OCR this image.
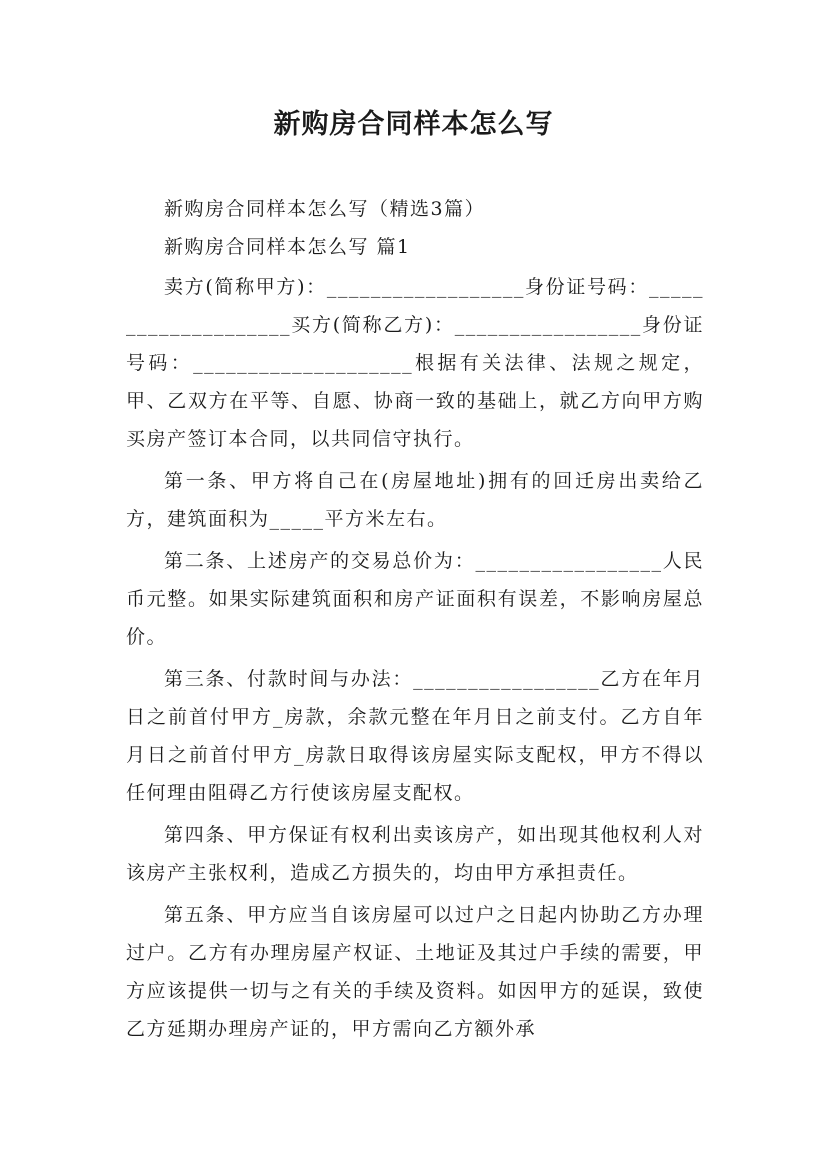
新购房合同样本怎么写

新购房合同样本怎么写（精选3篇）

新购房合同样本怎么写 篇1

卖方(简称甲方)：__________________身份证号码：____________________买方(简称乙方)：_________________身份证号码：____________________根据有关法律、法规之规定，甲、乙双方在平等、自愿、协商一致的基础上，就乙方向甲方购买房产签订本合同，以共同信守执行。

第一条、甲方将自己在(房屋地址)拥有的回迁房出卖给乙方，建筑面积为_____平方米左右。

第二条、上述房产的交易总价为：_________________人民币元整。如果实际建筑面积和房产证面积有误差，不影响房屋总价。

第三条、付款时间与办法：_________________乙方在年月日之前首付甲方_房款，余款元整在年月日之前支付。乙方自年月日之前首付甲方_房款日取得该房屋实际支配权，甲方不得以任何理由阻碍乙方行使该房屋支配权。

第四条、甲方保证有权利出卖该房产，如出现其他权利人对该房产主张权利，造成乙方损失的，均由甲方承担责任。

第五条、甲方应当自该房屋可以过户之日起内协助乙方办理过户。乙方有办理房屋产权证、土地证及其过户手续的需要，甲方应该提供一切与之有关的手续及资料。如因甲方的延误，致使乙方延期办理房产证的，甲方需向乙方额外承
